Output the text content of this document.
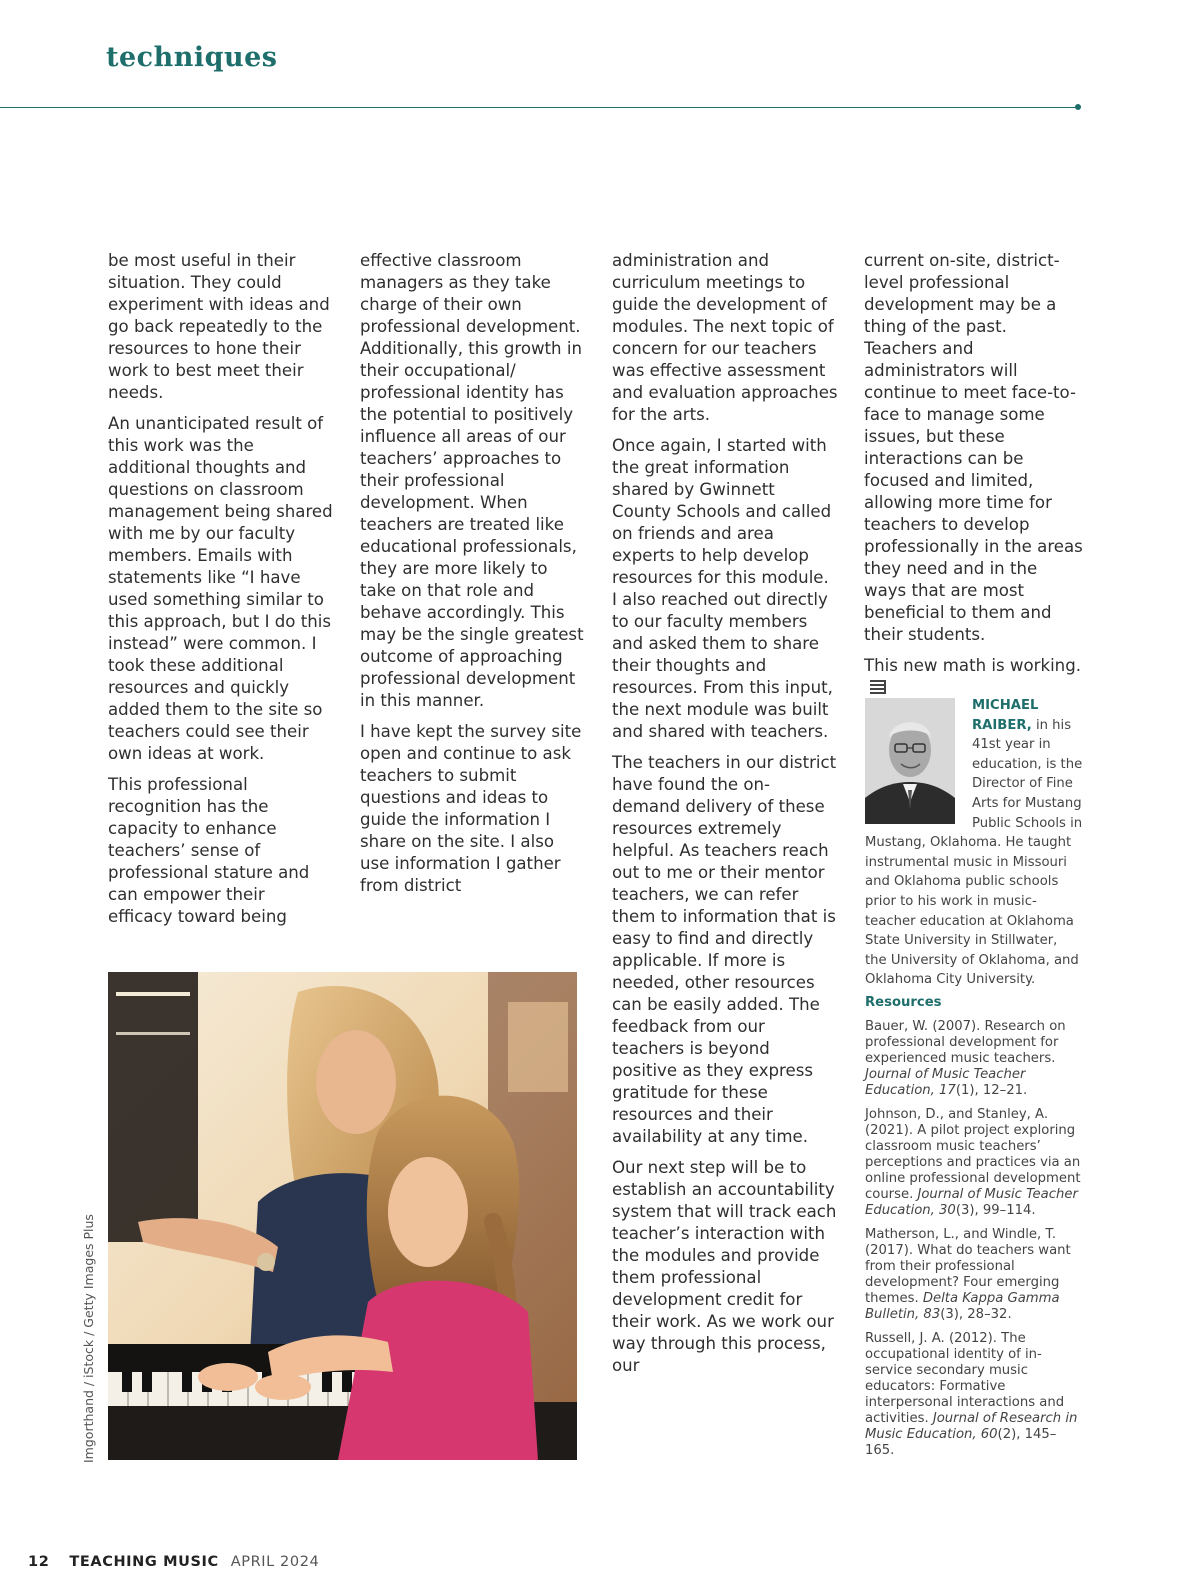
techniques

be most useful in their situation. They could experiment with ideas and go back repeatedly to the resources to hone their work to best meet their needs.

An unanticipated result of this work was the additional thoughts and questions on classroom management being shared with me by our faculty members. Emails with statements like “I have used something similar to this approach, but I do this instead” were common. I took these additional resources and quickly added them to the site so teachers could see their own ideas at work.

This professional recognition has the capacity to enhance teachers’ sense of professional stature and can empower their efficacy toward being

effective classroom managers as they take charge of their own professional development. Additionally, this growth in their occupational/ professional identity has the potential to positively influence all areas of our teachers’ approaches to their professional development. When teachers are treated like educational professionals, they are more likely to take on that role and behave accordingly. This may be the single greatest outcome of approaching professional development in this manner.

I have kept the survey site open and continue to ask teachers to submit questions and ideas to guide the information I share on the site. I also use information I gather from district

administration and curriculum meetings to guide the development of modules. The next topic of concern for our teachers was effective assessment and evaluation approaches for the arts.

Once again, I started with the great information shared by Gwinnett County Schools and called on friends and area experts to help develop resources for this module. I also reached out directly to our faculty members and asked them to share their thoughts and resources. From this input, the next module was built and shared with teachers.

The teachers in our district have found the on-demand delivery of these resources extremely helpful. As teachers reach out to me or their mentor teachers, we can refer them to information that is easy to find and directly applicable. If more is needed, other resources can be easily added. The feedback from our teachers is beyond positive as they express gratitude for these resources and their availability at any time.

Our next step will be to establish an accountability system that will track each teacher’s interaction with the modules and provide them professional development credit for their work. As we work our way through this process, our

current on-site, district-level professional development may be a thing of the past. Teachers and administrators will continue to meet face-to-face to manage some issues, but these interactions can be focused and limited, allowing more time for teachers to develop professionally in the areas they need and in the ways that are most beneficial to them and their students.

This new math is working.

Imgorthand / iStock / Getty Images Plus
MICHAEL
RAIBER, in his 41st year in education, is the Director of Fine Arts for Mustang Public Schools in Mustang, Oklahoma. He taught instrumental music in Missouri and Oklahoma public schools prior to his work in music-teacher education at Oklahoma State University in Stillwater, the University of Oklahoma, and Oklahoma City University.
Resources
Bauer, W. (2007). Research on professional development for experienced music teachers. Journal of Music Teacher Education, 17(1), 12–21.
Johnson, D., and Stanley, A. (2021). A pilot project exploring classroom music teachers’ perceptions and practices via an online professional development course. Journal of Music Teacher Education, 30(3), 99–114.
Matherson, L., and Windle, T. (2017). What do teachers want from their professional development? Four emerging themes. Delta Kappa Gamma Bulletin, 83(3), 28–32.
Russell, J. A. (2012). The occupational identity of in-service secondary music educators: Formative interpersonal interactions and activities. Journal of Research in Music Education, 60(2), 145–165.
12 TEACHING MUSIC APRIL 2024
